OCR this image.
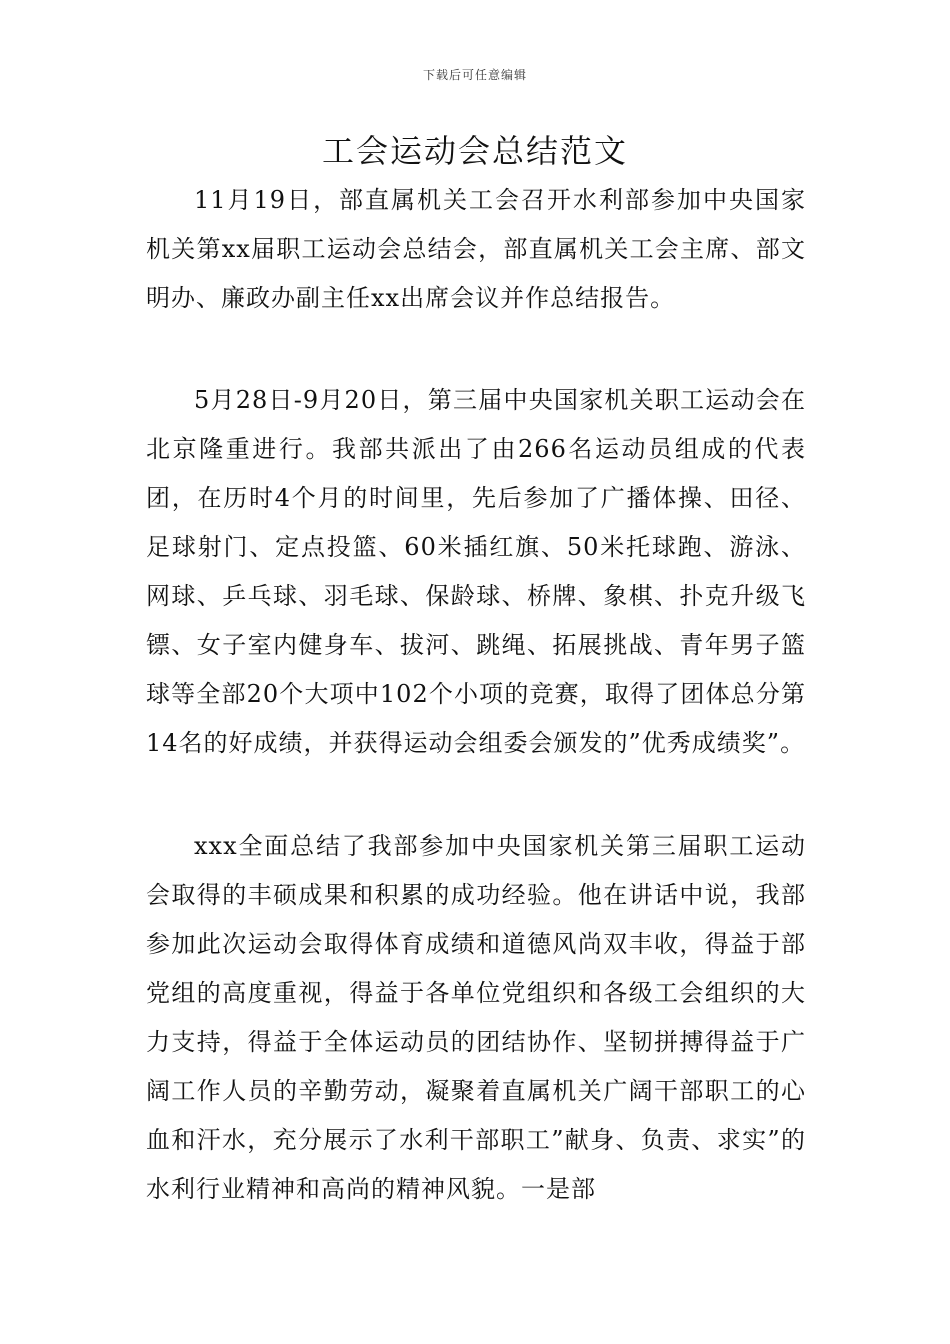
下载后可任意编辑
工会运动会总结范文

11月19日，部直属机关工会召开水利部参加中央国家机关第xx届职工运动会总结会，部直属机关工会主席、部文明办、廉政办副主任xx出席会议并作总结报告。

5月28日-9月20日，第三届中央国家机关职工运动会在北京隆重进行。我部共派出了由266名运动员组成的代表团，在历时4个月的时间里，先后参加了广播体操、田径、足球射门、定点投篮、60米插红旗、50米托球跑、游泳、网球、乒乓球、羽毛球、保龄球、桥牌、象棋、扑克升级飞镖、女子室内健身车、拔河、跳绳、拓展挑战、青年男子篮球等全部20个大项中102个小项的竞赛，取得了团体总分第14名的好成绩，并获得运动会组委会颁发的”优秀成绩奖”。

xxx全面总结了我部参加中央国家机关第三届职工运动会取得的丰硕成果和积累的成功经验。他在讲话中说，我部参加此次运动会取得体育成绩和道德风尚双丰收，得益于部党组的高度重视，得益于各单位党组织和各级工会组织的大力支持，得益于全体运动员的团结协作、坚韧拼搏得益于广阔工作人员的辛勤劳动，凝聚着直属机关广阔干部职工的心血和汗水，充分展示了水利干部职工”献身、负责、求实”的水利行业精神和高尚的精神风貌。一是部
